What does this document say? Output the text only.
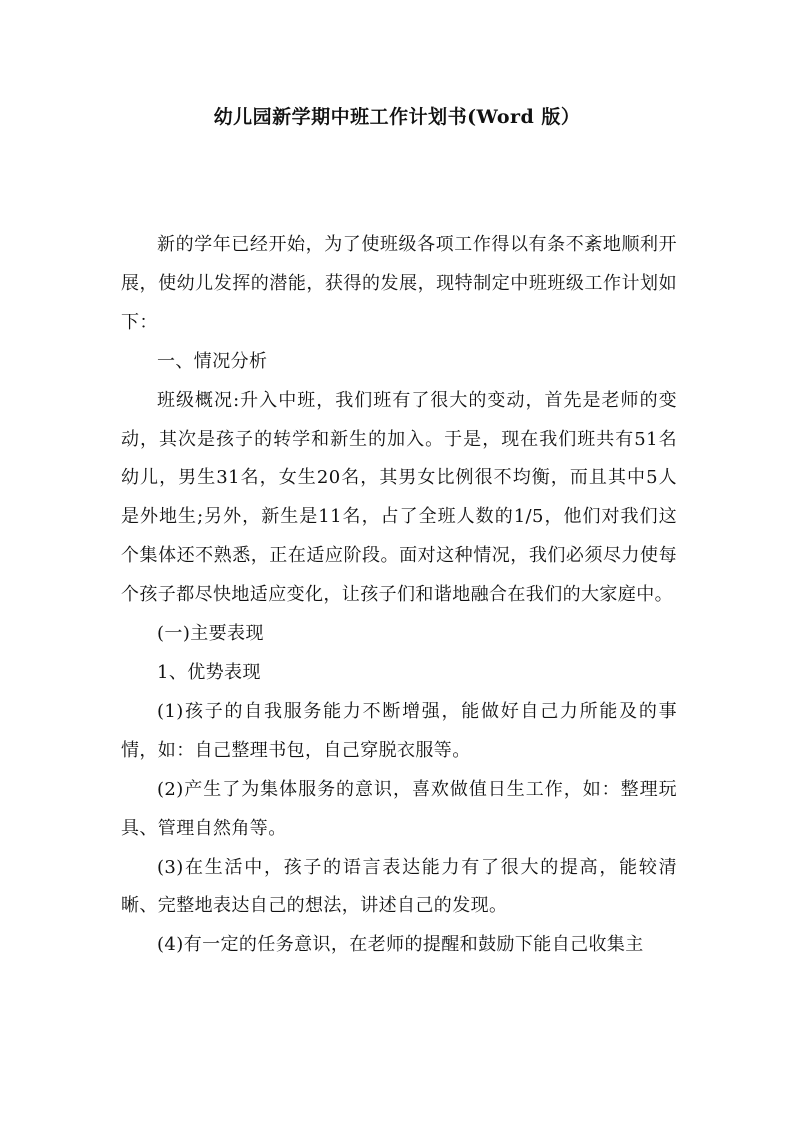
幼儿园新学期中班工作计划书(Word 版）

新的学年已经开始，为了使班级各项工作得以有条不紊地顺利开展，使幼儿发挥的潜能，获得的发展，现特制定中班班级工作计划如下：

一、情况分析

班级概况:升入中班，我们班有了很大的变动，首先是老师的变动，其次是孩子的转学和新生的加入。于是，现在我们班共有51名幼儿，男生31名，女生20名，其男女比例很不均衡，而且其中5人是外地生;另外，新生是11名，占了全班人数的1/5，他们对我们这个集体还不熟悉，正在适应阶段。面对这种情况，我们必须尽力使每个孩子都尽快地适应变化，让孩子们和谐地融合在我们的大家庭中。

(一)主要表现

1、优势表现

(1)孩子的自我服务能力不断增强，能做好自己力所能及的事情，如：自己整理书包，自己穿脱衣服等。

(2)产生了为集体服务的意识，喜欢做值日生工作，如：整理玩具、管理自然角等。

(3)在生活中，孩子的语言表达能力有了很大的提高，能较清晰、完整地表达自己的想法，讲述自己的发现。

(4)有一定的任务意识，在老师的提醒和鼓励下能自己收集主
